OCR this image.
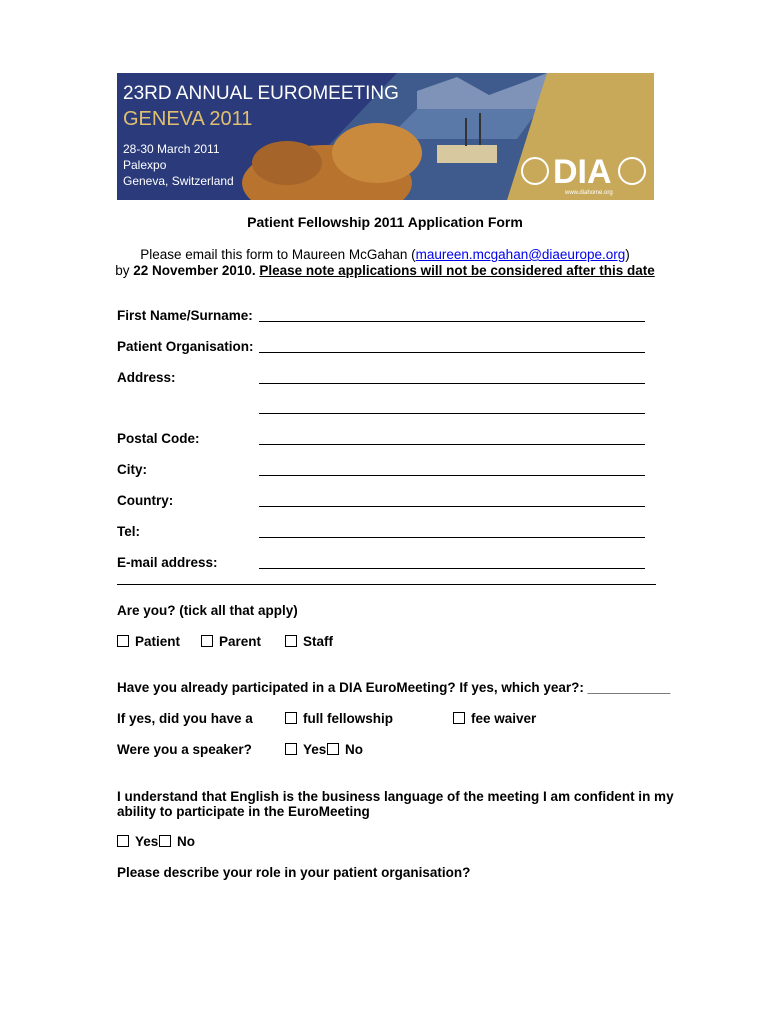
23RD ANNUAL EUROMEETING
GENEVA 2011
28-30 March 2011
Palexpo
Geneva, Switzerland	DIA
www.diahome.org
Patient Fellowship 2011 Application Form
Please email this form to Maureen McGahan (maureen.mcgahan@diaeurope.org)
by 22 November 2010. Please note applications will not be considered after this date
First Name/Surname:
Patient Organisation:
Address:
Postal Code:
City:
Country:
Tel:
E-mail address:
Are you? (tick all that apply)
Patient	Parent	Staff
Have you already participated in a DIA EuroMeeting? If yes, which year?: ___________
If yes, did you have a	full fellowship	fee waiver
Were you a speaker?	Yes No
I understand that English is the business language of the meeting I am confident in my
ability to participate in the EuroMeeting
Yes No
Please describe your role in your patient organisation?
